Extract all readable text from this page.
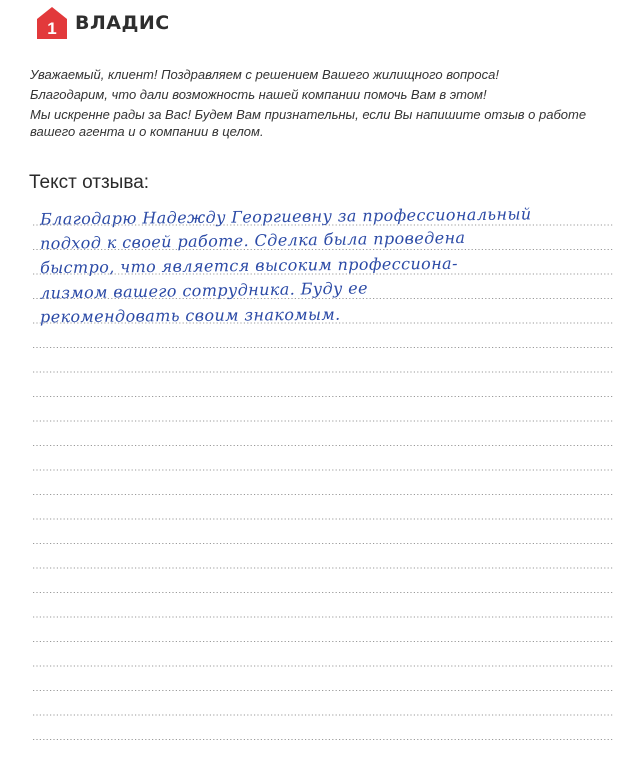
1 ВЛАДИС

Уважаемый, клиент! Поздравляем с решением Вашего жилищного вопроса!

Благодарим, что дали возможность нашей компании помочь Вам в этом!

Мы искренне рады за Вас! Будем Вам признательны, если Вы напишите отзыв о работе вашего агента и о компании в целом.

Текст отзыва:
Благодарю Надежду Георгиевну за профессиональный
подход к своей работе. Сделка была проведена
быстро, что является высоким профессиона-
лизмом вашего сотрудника. Буду ее
рекомендовать своим знакомым.
